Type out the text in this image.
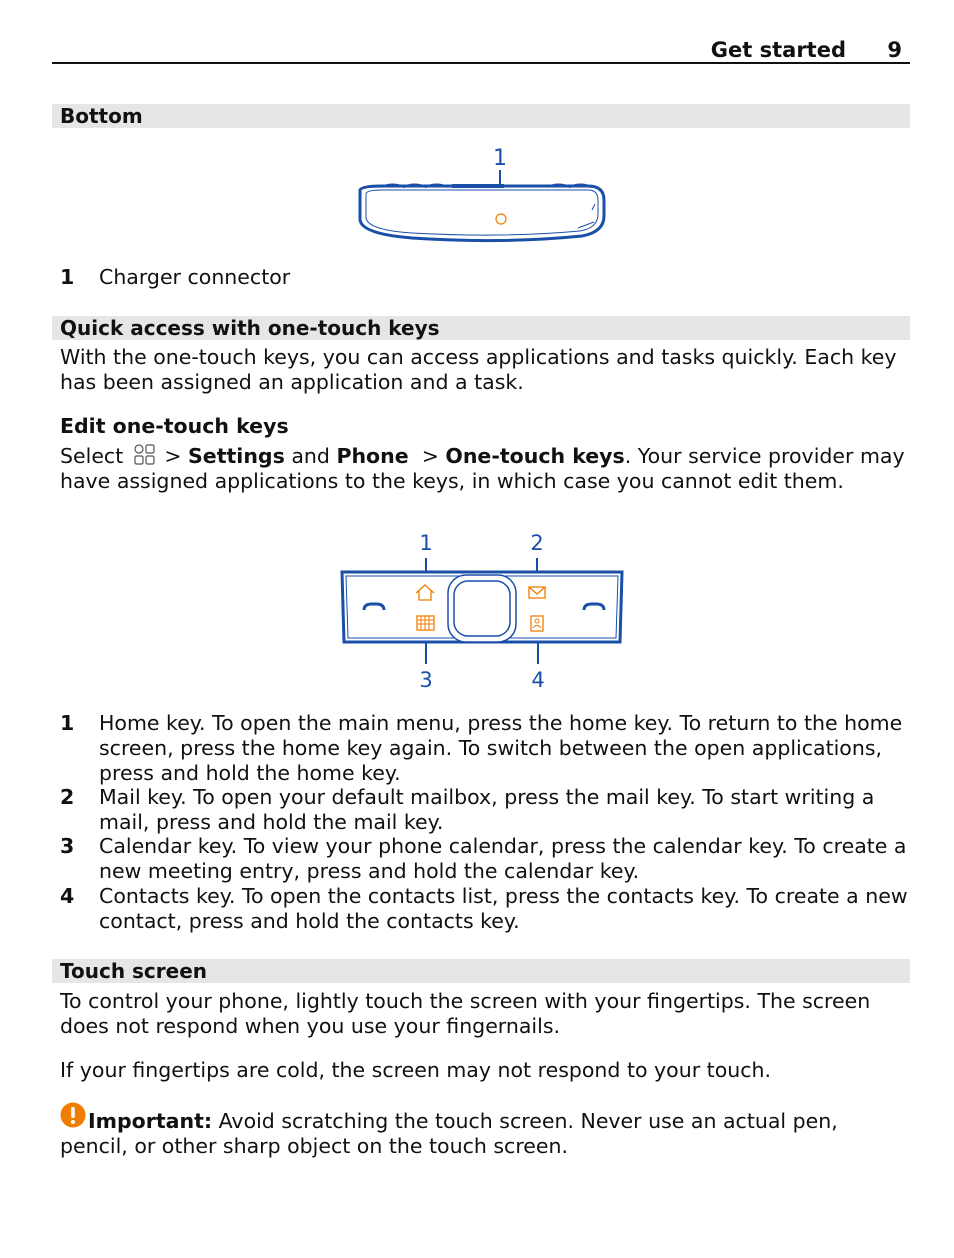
Get started 9
Bottom
1
1 Charger connector
Quick access with one-touch keys
With the one-touch keys, you can access applications and tasks quickly. Each key has been assigned an application and a task.
Edit one-touch keys
Select > Settings and Phone > One-touch keys. Your service provider may have assigned applications to the keys, in which case you cannot edit them.
1	2
3	4
1 Home key. To open the main menu, press the home key. To return to the home screen, press the home key again. To switch between the open applications, press and hold the home key.
2 Mail key. To open your default mailbox, press the mail key. To start writing a mail, press and hold the mail key.
3 Calendar key. To view your phone calendar, press the calendar key. To create a new meeting entry, press and hold the calendar key.
4 Contacts key. To open the contacts list, press the contacts key. To create a new contact, press and hold the contacts key.
Touch screen
To control your phone, lightly touch the screen with your fingertips. The screen does not respond when you use your fingernails.
If your fingertips are cold, the screen may not respond to your touch.
Important: Avoid scratching the touch screen. Never use an actual pen, pencil, or other sharp object on the touch screen.
